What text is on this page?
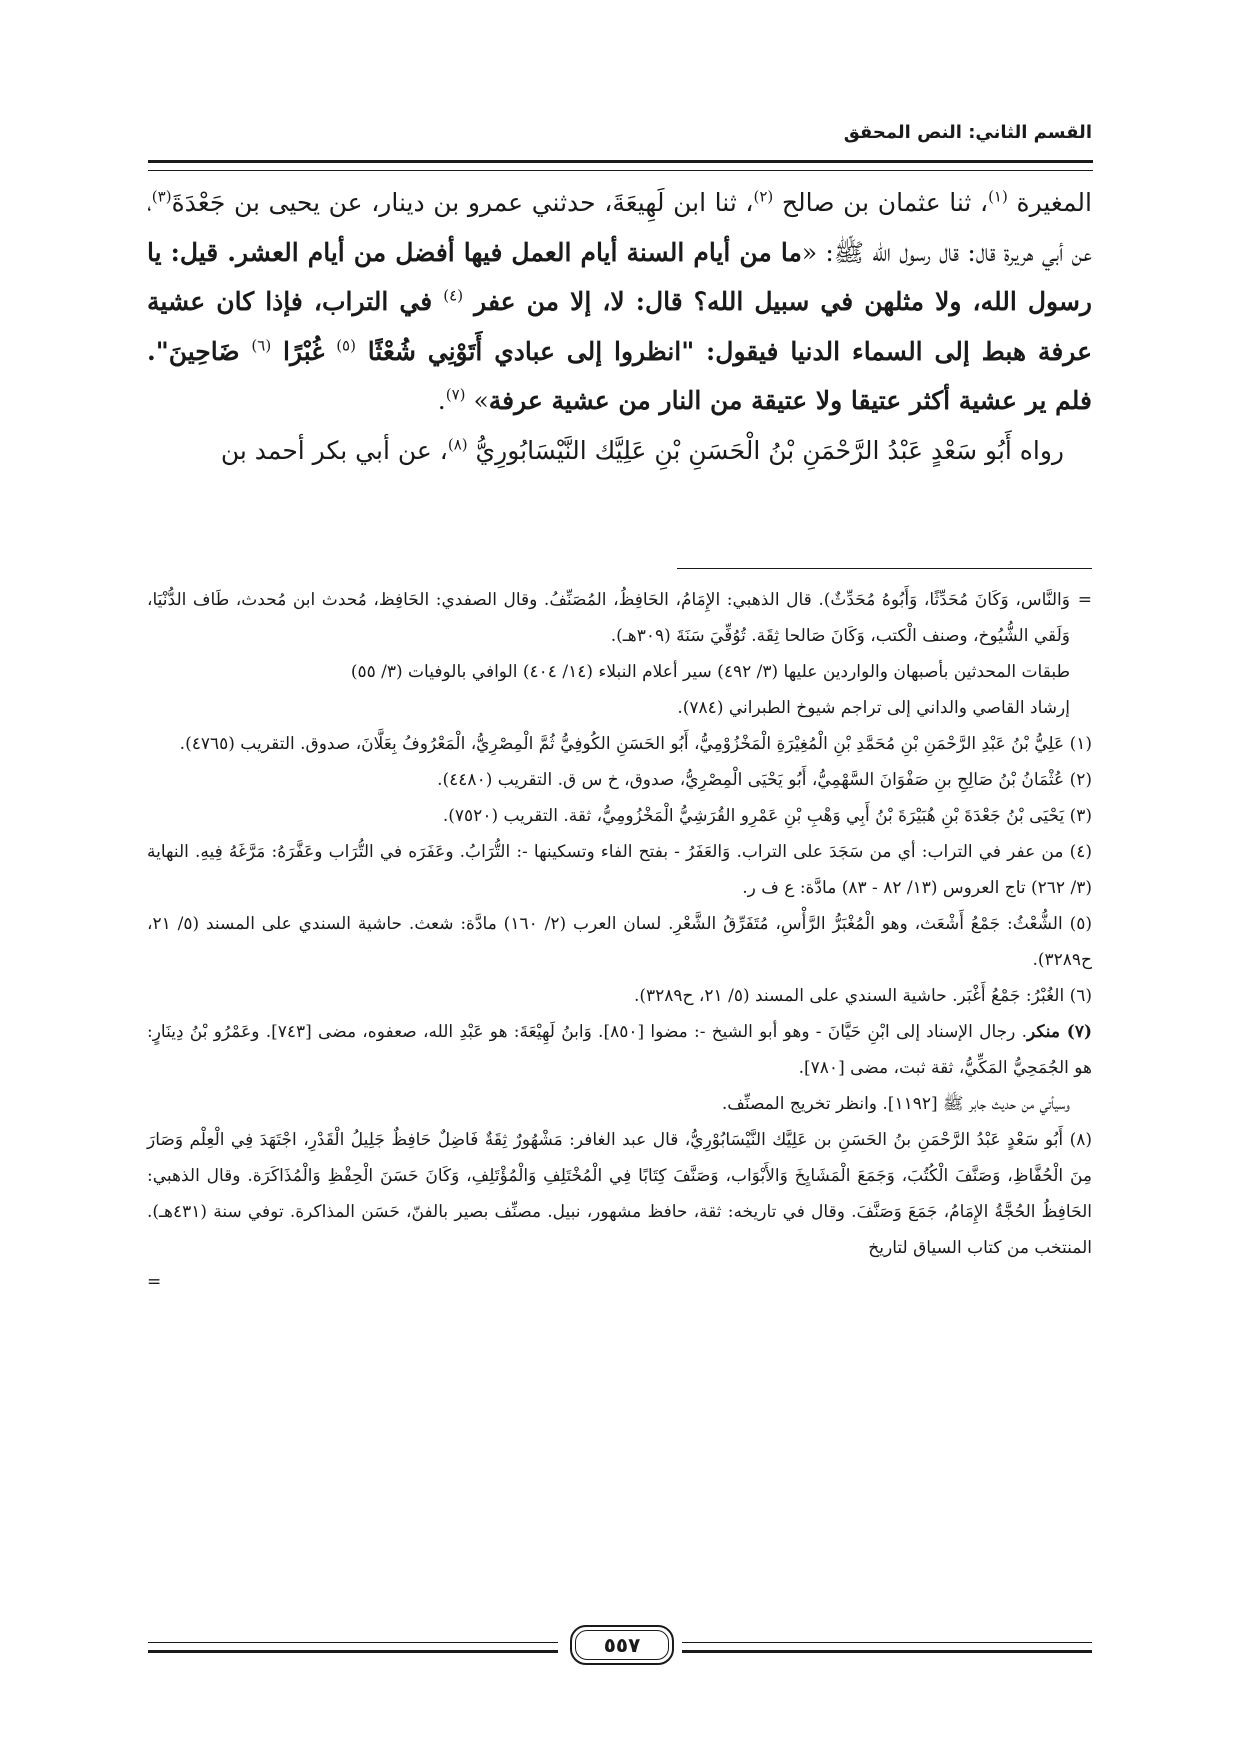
القسم الثاني: النص المحقق

المغيرة $^{(١)}$، ثنا عثمان بن صالح $^{(٢)}$، ثنا ابن لَهِيعَةَ، حدثني عمرو بن دينار، عن يحيى بن جَعْدَةَ$^{(٣)}$، عن أبي هريرة قال: قال رسول الله ﷺ: «ما من أيام السنة أيام العمل فيها أفضل من أيام العشر. قيل: يا رسول الله، ولا مثلهن في سبيل الله؟ قال: لا، إلا من عفر $^{(٤)}$ في التراب، فإذا كان عشية عرفة هبط إلى السماء الدنيا فيقول: "انظروا إلى عبادي أَتَوْنِي شُعْثًا $^{(٥)}$ غُبْرًا $^{(٦)}$ ضَاحِينَ". فلم ير عشية أكثر عتيقا ولا عتيقة من النار من عشية عرفة» $^{(٧)}$.

رواه أَبُو سَعْدٍ عَبْدُ الرَّحْمَنِ بْنُ الْحَسَنِ بْنِ عَلِيَّك النَّيْسَابُورِيُّ $^{(٨)}$، عن أبي بكر أحمد بن

=
وَالنَّاس، وَكَانَ مُحَدِّثًا، وَأَبُوهُ مُحَدِّثٌ). قال الذهبي: الإِمَامُ، الحَافِظُ، المُصَنِّفُ. وقال الصفدي: الحَافِظ، مُحدث ابن مُحدث، طَاف الدُّنْيَا، وَلَقي الشُّيُوخ، وصنف الْكتب، وَكَانَ صَالحا ثِقَة. تُوُفِّيَ سَنَةَ (٣٠٩هـ).

طبقات المحدثين بأصبهان والواردين عليها (٣/ ٤٩٢) سير أعلام النبلاء (١٤/ ٤٠٤) الوافي بالوفيات (٣/ ٥٥)

إرشاد القاصي والداني إلى تراجم شيوخ الطبراني (٧٨٤).

(١) عَلِيُّ بْنُ عَبْدِ الرَّحْمَنِ بْنِ مُحَمَّدِ بْنِ الْمُغِيْرَةِ الْمَخْزُوْمِيُّ، أَبُو الحَسَنِ الكُوفِيُّ ثُمَّ الْمِصْرِيُّ، الْمَعْرُوفُ بِعَلَّانَ، صدوق. التقريب (٤٧٦٥).

(٢) عُثْمَانُ بْنُ صَالِحِ بنِ صَفْوَانَ السَّهْمِيُّ، أَبُو يَحْيَى الْمِصْرِيُّ، صدوق، خ س ق. التقريب (٤٤٨٠).

(٣) يَحْيَى بْنُ جَعْدَةَ بْنِ هُبَيْرَةَ بْنُ أَبِي وَهْبِ بْنِ عَمْرِو القُرَشِيُّ الْمَخْزُومِيُّ، ثقة. التقريب (٧٥٢٠).

(٤) من عفر في التراب: أي من سَجَدَ على التراب. وَالعَفَرُ - بفتح الفاء وتسكينها -: التُّرَابُ. وعَفَرَه في التُّرَاب وعَفَّرَهُ: مَرَّغَهُ فِيهِ. النهاية (٣/ ٢٦٢) تاج العروس (١٣/ ٨٢ - ٨٣) مادَّة: ع ف ر.

(٥) الشُّعْثُ: جَمْعُ أَشْعَث، وهو الْمُغْبَرُّ الرَّأْسِ، مُتَفَرِّقُ الشَّعْرِ. لسان العرب (٢/ ١٦٠) مادَّة: شعث. حاشية السندي على المسند (٥/ ٢١، ح٣٢٨٩).

(٦) الغُبْرُ: جَمْعُ أَغْبَر. حاشية السندي على المسند (٥/ ٢١، ح٣٢٨٩).

(٧) منكر. رجال الإسناد إلى ابْنِ حَيَّانَ - وهو أبو الشيخ -: مضوا [٨٥٠]. وَابنُ لَهِيْعَةَ: هو عَبْدِ الله، صعفوه، مضى [٧٤٣]. وعَمْرُو بْنُ دِينَارٍ: هو الجُمَحِيُّ المَكِّيُّ، ثقة ثبت، مضى [٧٨٠].

وسيأتي من حديث جابر ﷺ [١١٩٢]. وانظر تخريج المصنِّف.

(٨) أَبُو سَعْدٍ عَبْدُ الرَّحْمَنِ بنُ الحَسَنِ بن عَلِيَّك النَّيْسَابُوْرِيُّ، قال عبد الغافر: مَشْهُورٌ ثِقَةٌ فَاضِلٌ حَافِظٌ جَلِيلُ الْقَدْرِ، اجْتَهَدَ فِي الْعِلْم وَصَارَ مِنَ الْحُفَّاظِ، وَصَنَّفَ الْكُتُبَ، وَجَمَعَ الْمَشَايِخَ وَالأَبْوَاب، وَصَنَّفَ كِتَابًا فِي الْمُخْتَلِفِ وَالْمُؤْتَلِفِ، وَكَانَ حَسَنَ الْحِفْظِ وَالْمُذَاكَرَة. وقال الذهبي: الحَافِظُ الحُجَّةُ الإِمَامُ، جَمَعَ وَصَنَّفَ. وقال في تاريخه: ثقة، حافظ مشهور، نبيل. مصنِّف بصير بالفنّ، حَسَن المذاكرة. توفي سنة (٤٣١هـ). المنتخب من كتاب السياق لتاريخ

=

٥٥٧
